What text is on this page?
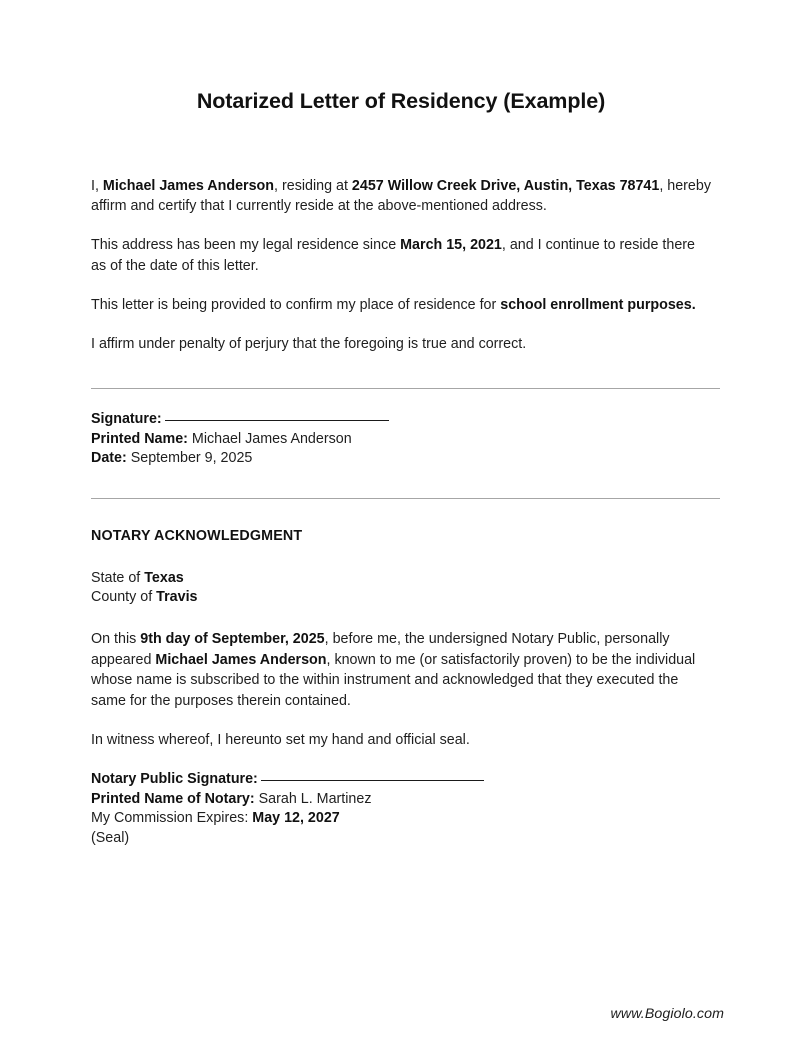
Notarized Letter of Residency (Example)

I, Michael James Anderson, residing at 2457 Willow Creek Drive, Austin, Texas 78741, hereby affirm and certify that I currently reside at the above-mentioned address.

This address has been my legal residence since March 15, 2021, and I continue to reside there as of the date of this letter.

This letter is being provided to confirm my place of residence for school enrollment purposes.

I affirm under penalty of perjury that the foregoing is true and correct.

Signature:
Printed Name: Michael James Anderson
Date: September 9, 2025
NOTARY ACKNOWLEDGMENT
State of Texas
County of Travis

On this 9th day of September, 2025, before me, the undersigned Notary Public, personally appeared Michael James Anderson, known to me (or satisfactorily proven) to be the individual whose name is subscribed to the within instrument and acknowledged that they executed the same for the purposes therein contained.

In witness whereof, I hereunto set my hand and official seal.

Notary Public Signature:
Printed Name of Notary: Sarah L. Martinez
My Commission Expires: May 12, 2027
(Seal)
www.Bogiolo.com
